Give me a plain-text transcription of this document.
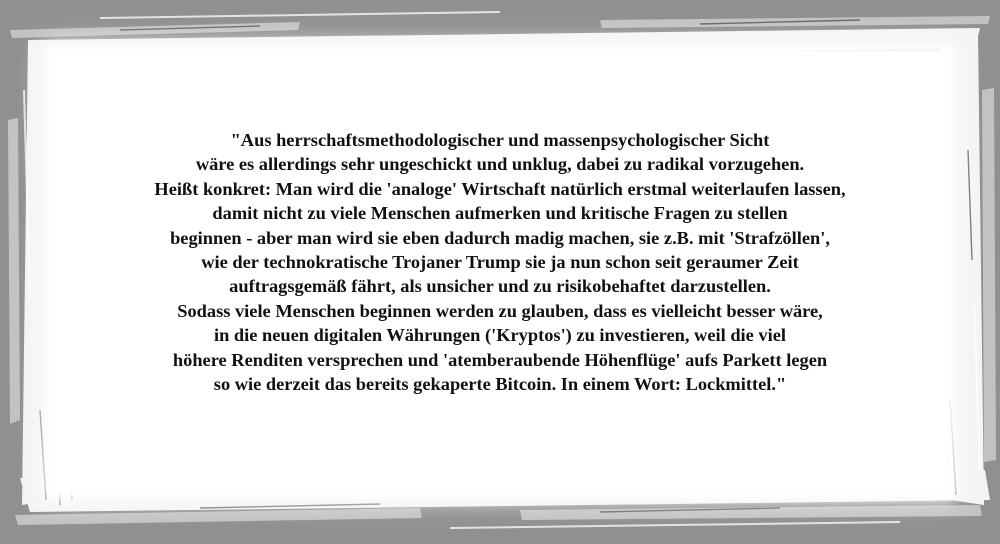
"Aus herrschaftsmethodologischer und massenpsychologischer Sicht
wäre es allerdings sehr ungeschickt und unklug, dabei zu radikal vorzugehen.
Heißt konkret: Man wird die 'analoge' Wirtschaft natürlich erstmal weiterlaufen lassen,
damit nicht zu viele Menschen aufmerken und kritische Fragen zu stellen
beginnen - aber man wird sie eben dadurch madig machen, sie z.B. mit 'Strafzöllen',
wie der technokratische Trojaner Trump sie ja nun schon seit geraumer Zeit
auftragsgemäß fährt, als unsicher und zu risikobehaftet darzustellen.
Sodass viele Menschen beginnen werden zu glauben, dass es vielleicht besser wäre,
in die neuen digitalen Währungen ('Kryptos') zu investieren, weil die viel
höhere Renditen versprechen und 'atemberaubende Höhenflüge' aufs Parkett legen
so wie derzeit das bereits gekaperte Bitcoin. In einem Wort: Lockmittel."
